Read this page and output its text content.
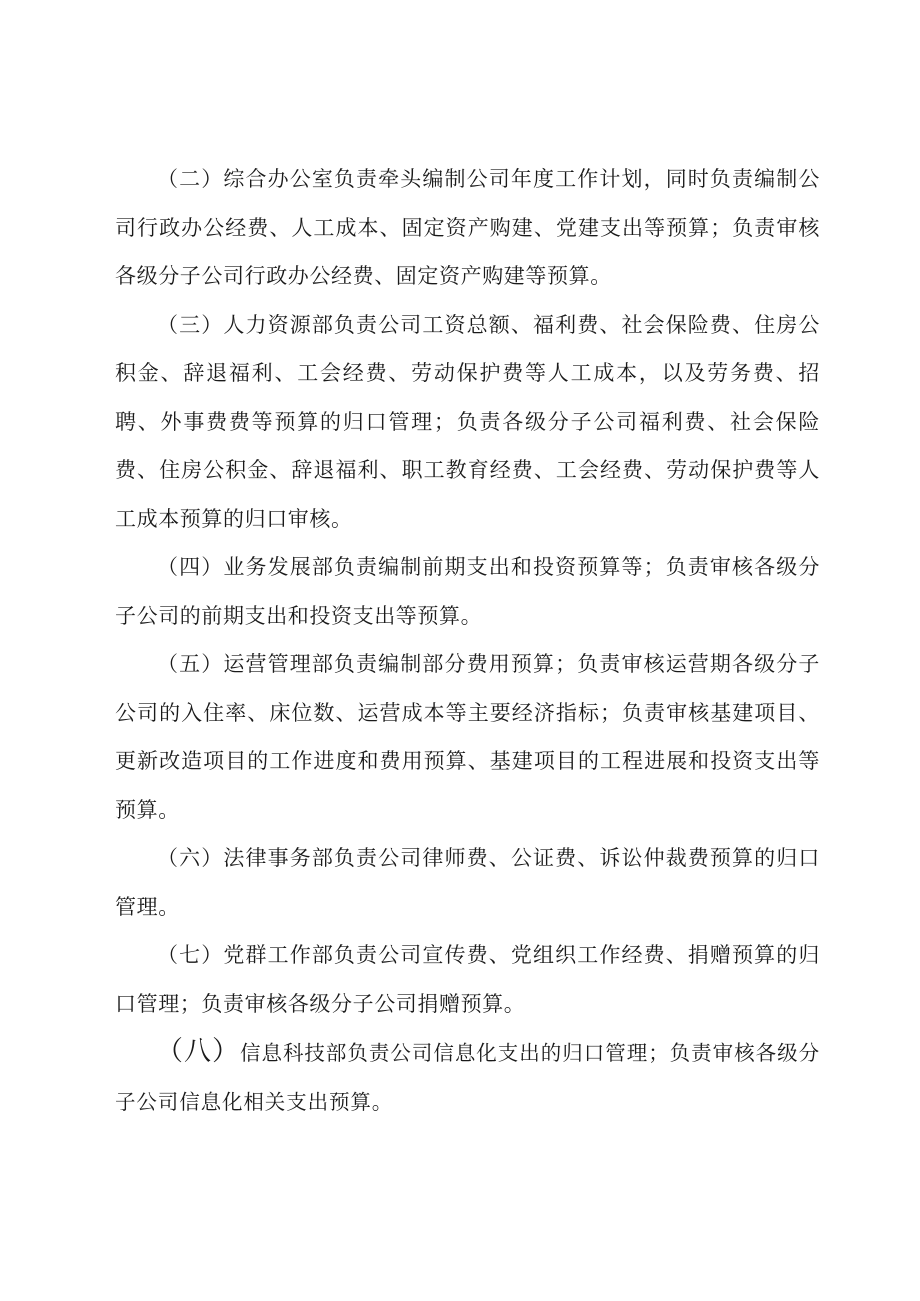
（二）综合办公室负责牵头编制公司年度工作计划，同时负责编制公司行政办公经费、人工成本、固定资产购建、党建支出等预算；负责审核各级分子公司行政办公经费、固定资产购建等预算。

（三）人力资源部负责公司工资总额、福利费、社会保险费、住房公积金、辞退福利、工会经费、劳动保护费等人工成本，以及劳务费、招聘、外事费费等预算的归口管理；负责各级分子公司福利费、社会保险费、住房公积金、辞退福利、职工教育经费、工会经费、劳动保护费等人工成本预算的归口审核。

（四）业务发展部负责编制前期支出和投资预算等；负责审核各级分子公司的前期支出和投资支出等预算。

（五）运营管理部负责编制部分费用预算；负责审核运营期各级分子公司的入住率、床位数、运营成本等主要经济指标；负责审核基建项目、更新改造项目的工作进度和费用预算、基建项目的工程进展和投资支出等预算。

（六）法律事务部负责公司律师费、公证费、诉讼仲裁费预算的归口管理。

（七）党群工作部负责公司宣传费、党组织工作经费、捐赠预算的归口管理；负责审核各级分子公司捐赠预算。

（八）信息科技部负责公司信息化支出的归口管理；负责审核各级分子公司信息化相关支出预算。
